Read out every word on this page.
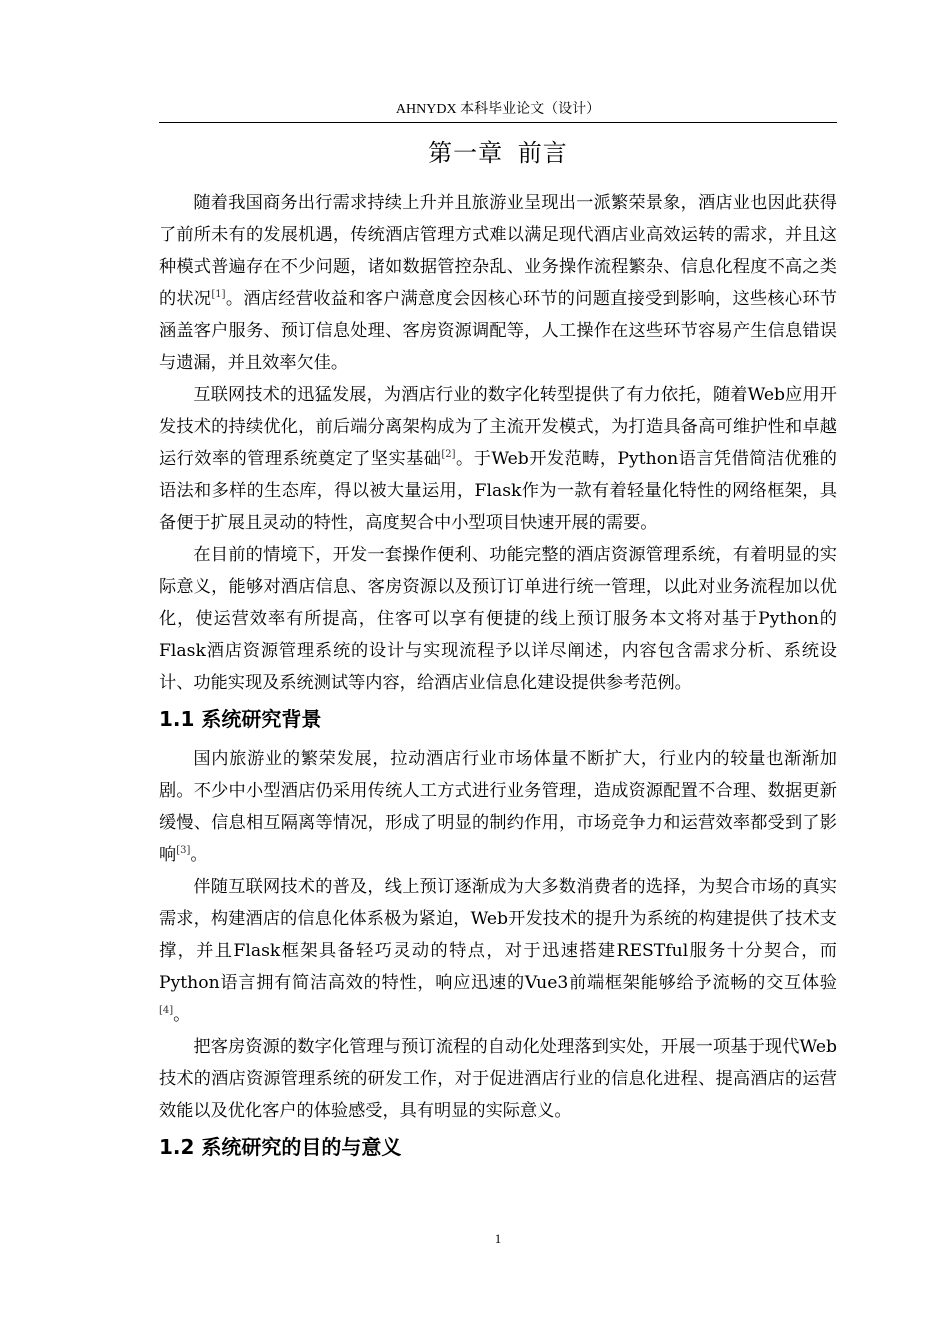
AHNYDX 本科毕业论文（设计）
第一章 前言

随着我国商务出行需求持续上升并且旅游业呈现出一派繁荣景象，酒店业也因此获得了前所未有的发展机遇，传统酒店管理方式难以满足现代酒店业高效运转的需求，并且这种模式普遍存在不少问题，诸如数据管控杂乱、业务操作流程繁杂、信息化程度不高之类的状况[1]。酒店经营收益和客户满意度会因核心环节的问题直接受到影响，这些核心环节涵盖客户服务、预订信息处理、客房资源调配等，人工操作在这些环节容易产生信息错误与遗漏，并且效率欠佳。

互联网技术的迅猛发展，为酒店行业的数字化转型提供了有力依托，随着Web应用开发技术的持续优化，前后端分离架构成为了主流开发模式，为打造具备高可维护性和卓越运行效率的管理系统奠定了坚实基础[2]。于Web开发范畴，Python语言凭借简洁优雅的语法和多样的生态库，得以被大量运用，Flask作为一款有着轻量化特性的网络框架，具备便于扩展且灵动的特性，高度契合中小型项目快速开展的需要。

在目前的情境下，开发一套操作便利、功能完整的酒店资源管理系统，有着明显的实际意义，能够对酒店信息、客房资源以及预订订单进行统一管理，以此对业务流程加以优化，使运营效率有所提高，住客可以享有便捷的线上预订服务本文将对基于Python的Flask酒店资源管理系统的设计与实现流程予以详尽阐述，内容包含需求分析、系统设计、功能实现及系统测试等内容，给酒店业信息化建设提供参考范例。

1.1 系统研究背景

国内旅游业的繁荣发展，拉动酒店行业市场体量不断扩大，行业内的较量也渐渐加剧。不少中小型酒店仍采用传统人工方式进行业务管理，造成资源配置不合理、数据更新缓慢、信息相互隔离等情况，形成了明显的制约作用，市场竞争力和运营效率都受到了影响[3]。

伴随互联网技术的普及，线上预订逐渐成为大多数消费者的选择，为契合市场的真实需求，构建酒店的信息化体系极为紧迫，Web开发技术的提升为系统的构建提供了技术支撑，并且Flask框架具备轻巧灵动的特点，对于迅速搭建RESTful服务十分契合，而Python语言拥有简洁高效的特性，响应迅速的Vue3前端框架能够给予流畅的交互体验[4]。

把客房资源的数字化管理与预订流程的自动化处理落到实处，开展一项基于现代Web技术的酒店资源管理系统的研发工作，对于促进酒店行业的信息化进程、提高酒店的运营效能以及优化客户的体验感受，具有明显的实际意义。

1.2 系统研究的目的与意义
1
